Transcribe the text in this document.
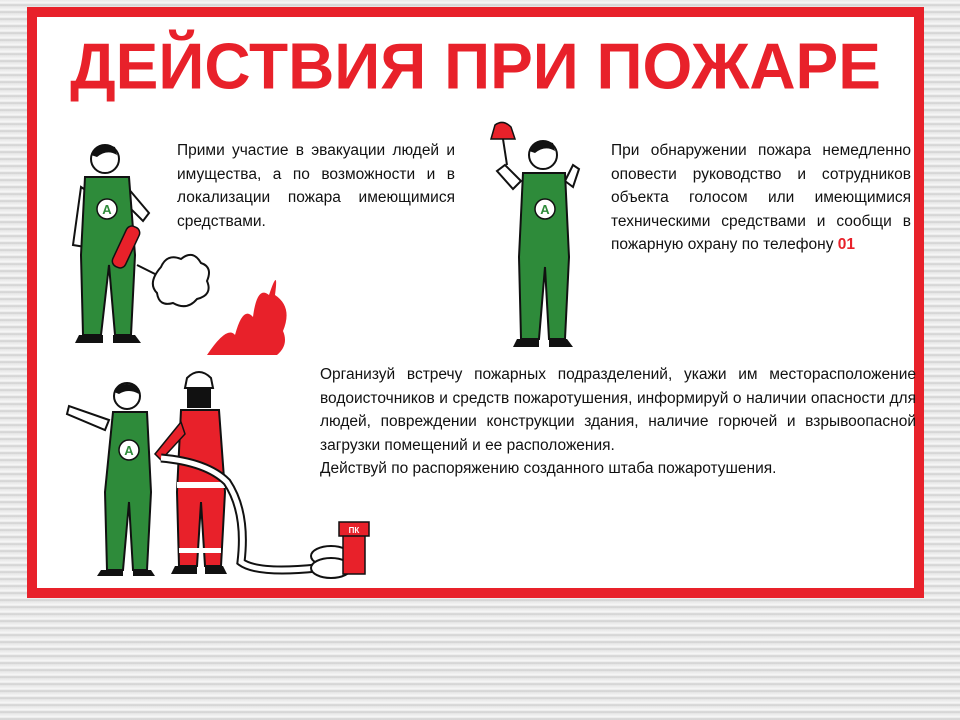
ДЕЙСТВИЯ ПРИ ПОЖАРЕ
А
Прими участие в эвакуации людей и имущества, а по возможности и в локализации пожара имеющимися средствами.
А
При обнаружении пожара немедленно оповести руководство и сотрудников объекта голосом или имеющимися техническими средствами и сообщи в пожарную охрану по телефону 01
А
ПК
Организуй встречу пожарных подразделений, укажи им месторасположение водоисточников и средств пожаротушения, информируй о наличии опасности для людей, повреждении конструкции здания, наличие горючей и взрывоопасной загрузки помещений и ее расположения.
Действуй по распоряжению созданного штаба пожаротушения.
